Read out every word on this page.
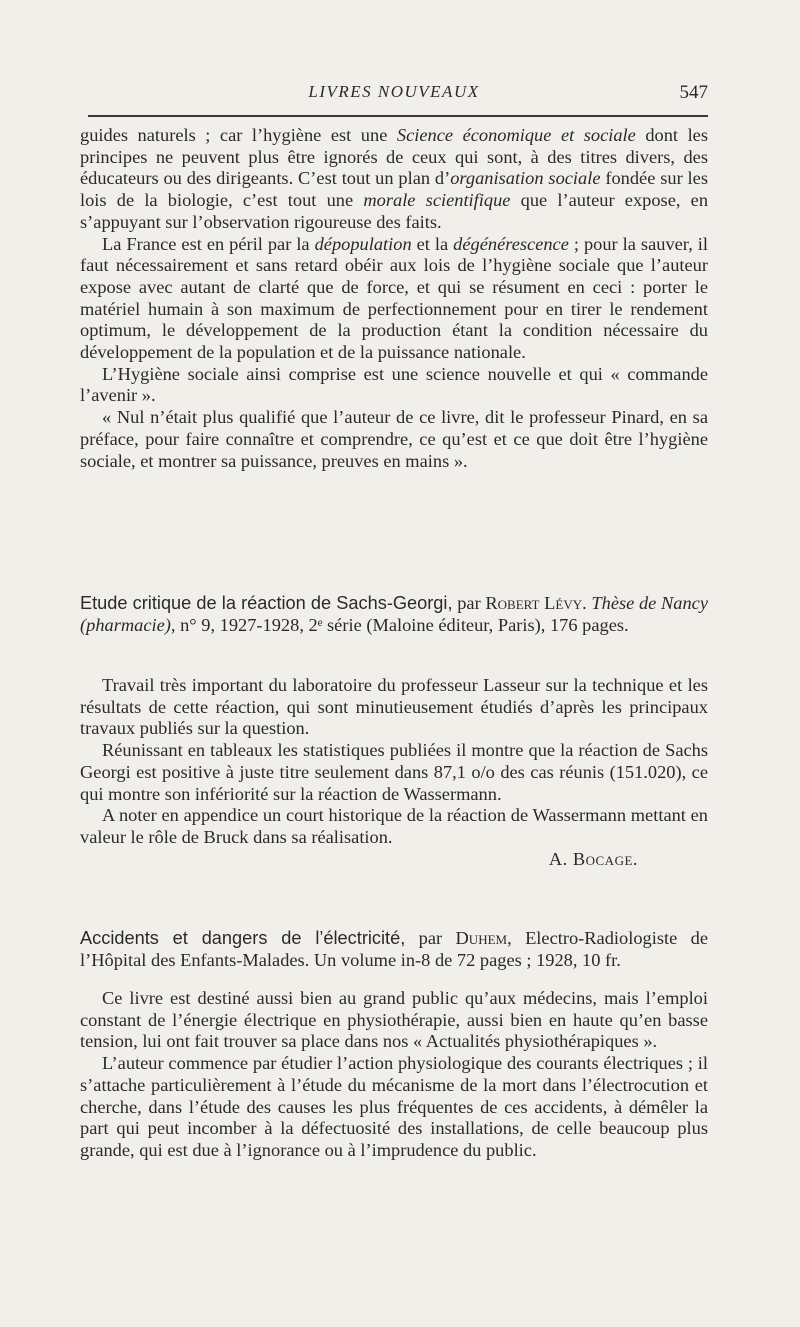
LIVRES NOUVEAUX	547

guides naturels ; car l’hygiène est une Science économique et sociale dont les principes ne peuvent plus être ignorés de ceux qui sont, à des titres divers, des éducateurs ou des dirigeants. C’est tout un plan d’organisation sociale fondée sur les lois de la biologie, c’est tout une morale scientifique que l’auteur expose, en s’appuyant sur l’observation rigoureuse des faits.

La France est en péril par la dépopulation et la dégénérescence ; pour la sauver, il faut nécessairement et sans retard obéir aux lois de l’hygiène sociale que l’auteur expose avec autant de clarté que de force, et qui se résument en ceci : porter le matériel humain à son maximum de perfectionnement pour en tirer le rendement optimum, le développement de la production étant la condition nécessaire du développement de la population et de la puissance nationale.

L’Hygiène sociale ainsi comprise est une science nouvelle et qui « commande l’avenir ».

« Nul n’était plus qualifié que l’auteur de ce livre, dit le professeur Pinard, en sa préface, pour faire connaître et comprendre, ce qu’est et ce que doit être l’hygiène sociale, et montrer sa puissance, preuves en mains ».

Etude critique de la réaction de Sachs-Georgi, par Robert Lévy. Thèse de Nancy (pharmacie), n° 9, 1927-1928, 2ᵉ série (Maloine éditeur, Paris), 176 pages.

Travail très important du laboratoire du professeur Lasseur sur la technique et les résultats de cette réaction, qui sont minutieusement étudiés d’après les principaux travaux publiés sur la question.

Réunissant en tableaux les statistiques publiées il montre que la réaction de Sachs Georgi est positive à juste titre seulement dans 87,1 o/o des cas réunis (151.020), ce qui montre son infériorité sur la réaction de Wassermann.

A noter en appendice un court historique de la réaction de Wassermann mettant en valeur le rôle de Bruck dans sa réalisation.

A. Bocage.

Accidents et dangers de l’électricité, par Duhem, Electro-Radiologiste de l’Hôpital des Enfants-Malades. Un volume in-8 de 72 pages ; 1928, 10 fr.

Ce livre est destiné aussi bien au grand public qu’aux médecins, mais l’emploi constant de l’énergie électrique en physiothérapie, aussi bien en haute qu’en basse tension, lui ont fait trouver sa place dans nos « Actualités physiothérapiques ».

L’auteur commence par étudier l’action physiologique des courants électriques ; il s’attache particulièrement à l’étude du mécanisme de la mort dans l’électrocution et cherche, dans l’étude des causes les plus fréquentes de ces accidents, à démêler la part qui peut incomber à la défectuosité des installations, de celle beaucoup plus grande, qui est due à l’ignorance ou à l’imprudence du public.
